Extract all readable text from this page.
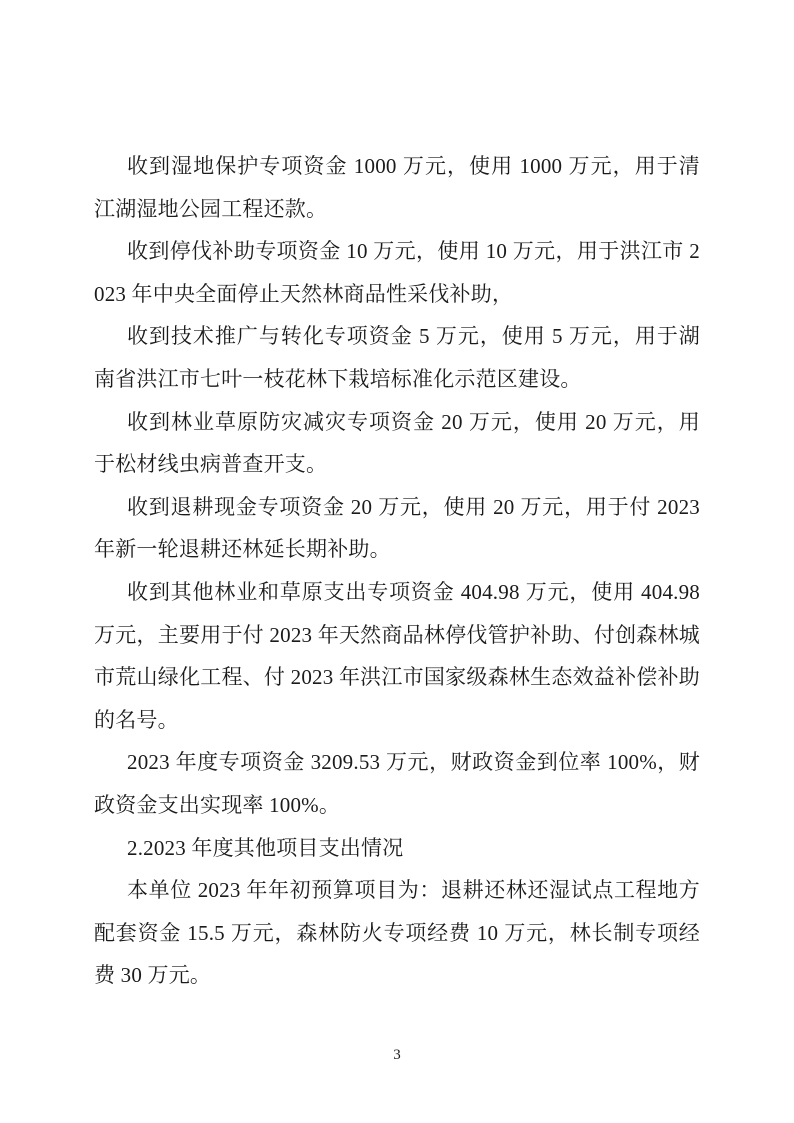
收到湿地保护专项资金 1000 万元，使用 1000 万元，用于清江湖湿地公园工程还款。

收到停伐补助专项资金 10 万元，使用 10 万元，用于洪江市 2023 年中央全面停止天然林商品性采伐补助，

收到技术推广与转化专项资金 5 万元，使用 5 万元，用于湖南省洪江市七叶一枝花林下栽培标准化示范区建设。

收到林业草原防灾减灾专项资金 20 万元，使用 20 万元，用于松材线虫病普查开支。

收到退耕现金专项资金 20 万元，使用 20 万元，用于付 2023 年新一轮退耕还林延长期补助。

收到其他林业和草原支出专项资金 404.98 万元，使用 404.98 万元，主要用于付 2023 年天然商品林停伐管护补助、付创森林城市荒山绿化工程、付 2023 年洪江市国家级森林生态效益补偿补助的名号。

2023 年度专项资金 3209.53 万元，财政资金到位率 100%，财政资金支出实现率 100%。

2.2023 年度其他项目支出情况

本单位 2023 年年初预算项目为：退耕还林还湿试点工程地方配套资金 15.5 万元，森林防火专项经费 10 万元，林长制专项经费 30 万元。

3
